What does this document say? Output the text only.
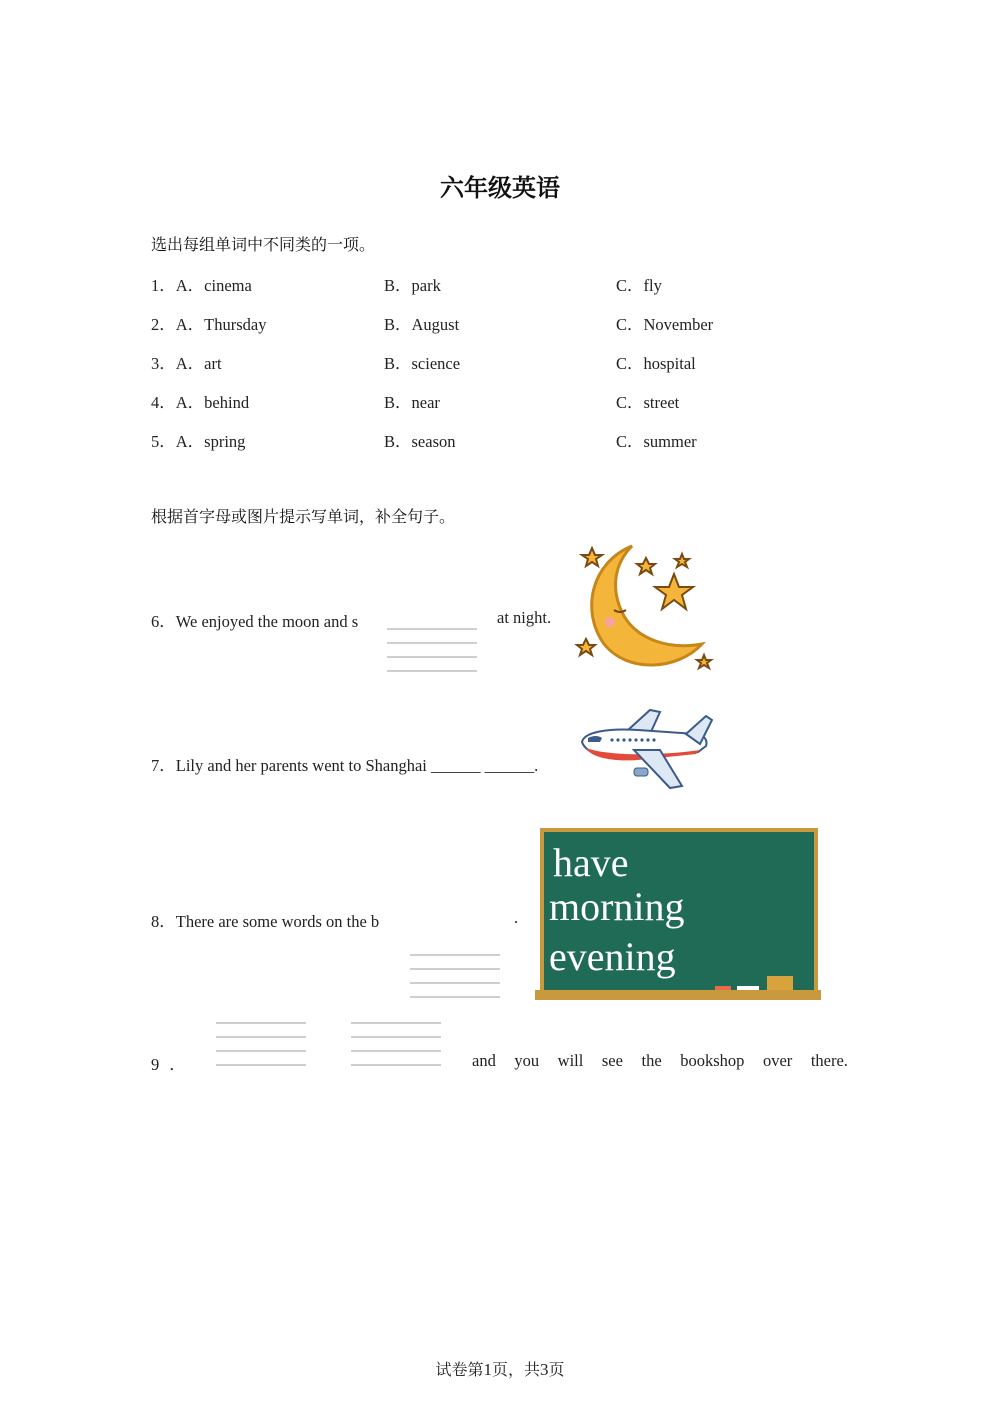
六年级英语
选出每组单词中不同类的一项。
1．A．cinema	B．park	C．fly
2．A．Thursday	B．August	C．November
3．A．art	B．science	C．hospital
4．A．behind	B．near	C．street
5．A．spring	B．season	C．summer
根据首字母或图片提示写单词，补全句子。
6．We enjoyed the moon and s	at night.
7．Lily and her parents went to Shanghai ______ ______.
8．There are some words on the b	.
have
morning
evening
9 ．	and you will see the bookshop over there.
试卷第1页，共3页
